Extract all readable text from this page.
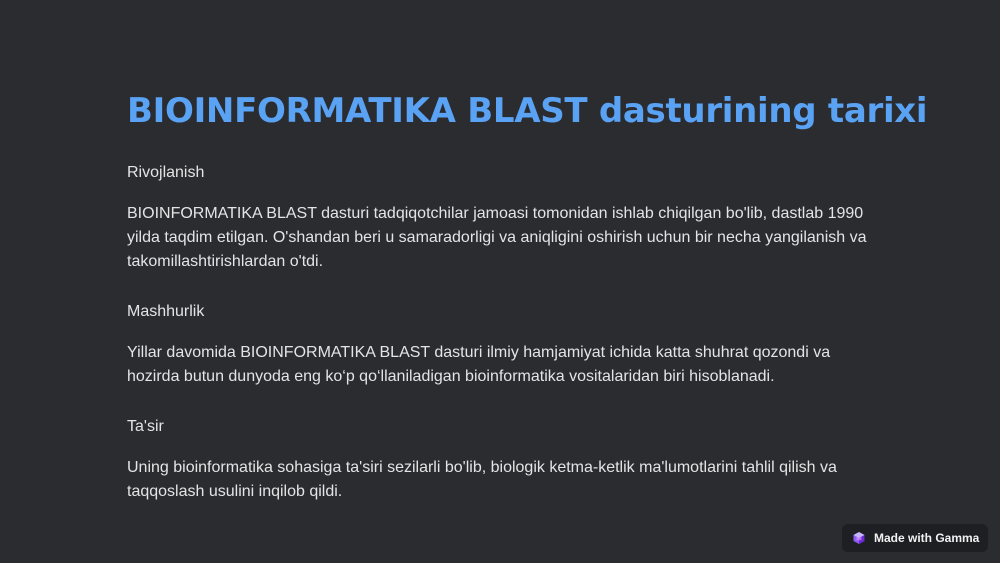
BIOINFORMATIKA BLAST dasturining tarixi

Rivojlanish

BIOINFORMATIKA BLAST dasturi tadqiqotchilar jamoasi tomonidan ishlab chiqilgan bo'lib, dastlab 1990 yilda taqdim etilgan. O'shandan beri u samaradorligi va aniqligini oshirish uchun bir necha yangilanish va takomillashtirishlardan o'tdi.

Mashhurlik

Yillar davomida BIOINFORMATIKA BLAST dasturi ilmiy hamjamiyat ichida katta shuhrat qozondi va hozirda butun dunyoda eng ko‘p qo‘llaniladigan bioinformatika vositalaridan biri hisoblanadi.

Ta'sir

Uning bioinformatika sohasiga ta'siri sezilarli bo'lib, biologik ketma-ketlik ma'lumotlarini tahlil qilish va taqqoslash usulini inqilob qildi.

Made with Gamma
